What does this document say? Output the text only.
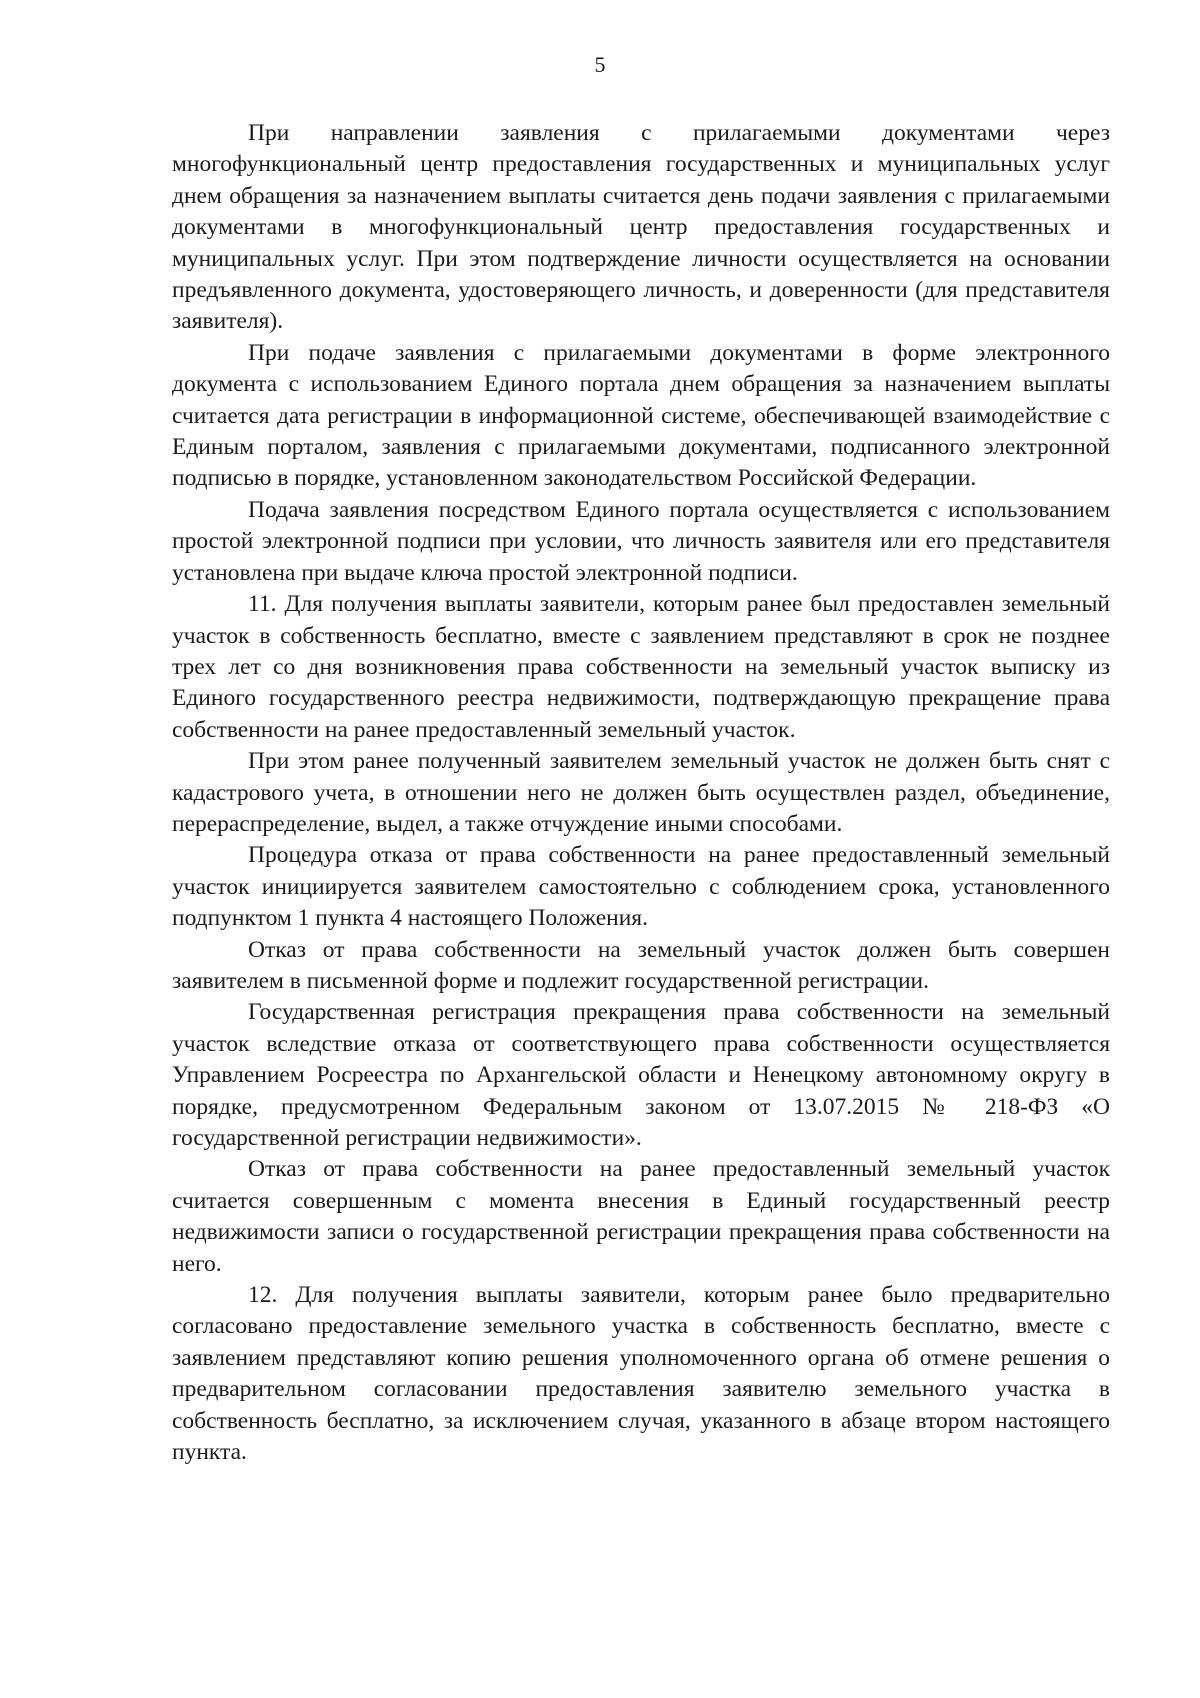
5

При направлении заявления с прилагаемыми документами через многофункциональный центр предоставления государственных и муниципальных услуг днем обращения за назначением выплаты считается день подачи заявления с прилагаемыми документами в многофункциональный центр предоставления государственных и муниципальных услуг. При этом подтверждение личности осуществляется на основании предъявленного документа, удостоверяющего личность, и доверенности (для представителя заявителя).

При подаче заявления с прилагаемыми документами в форме электронного документа с использованием Единого портала днем обращения за назначением выплаты считается дата регистрации в информационной системе, обеспечивающей взаимодействие с Единым порталом, заявления с прилагаемыми документами, подписанного электронной подписью в порядке, установленном законодательством Российской Федерации.

Подача заявления посредством Единого портала осуществляется с использованием простой электронной подписи при условии, что личность заявителя или его представителя установлена при выдаче ключа простой электронной подписи.

11. Для получения выплаты заявители, которым ранее был предоставлен земельный участок в собственность бесплатно, вместе с заявлением представляют в срок не позднее трех лет со дня возникновения права собственности на земельный участок выписку из Единого государственного реестра недвижимости, подтверждающую прекращение права собственности на ранее предоставленный земельный участок.

При этом ранее полученный заявителем земельный участок не должен быть снят с кадастрового учета, в отношении него не должен быть осуществлен раздел, объединение, перераспределение, выдел, а также отчуждение иными способами.

Процедура отказа от права собственности на ранее предоставленный земельный участок инициируется заявителем самостоятельно с соблюдением срока, установленного подпунктом 1 пункта 4 настоящего Положения.

Отказ от права собственности на земельный участок должен быть совершен заявителем в письменной форме и подлежит государственной регистрации.

Государственная регистрация прекращения права собственности на земельный участок вследствие отказа от соответствующего права собственности осуществляется Управлением Росреестра по Архангельской области и Ненецкому автономному округу в порядке, предусмотренном Федеральным законом от 13.07.2015 № 218-ФЗ «О государственной регистрации недвижимости».

Отказ от права собственности на ранее предоставленный земельный участок считается совершенным с момента внесения в Единый государственный реестр недвижимости записи о государственной регистрации прекращения права собственности на него.

12. Для получения выплаты заявители, которым ранее было предварительно согласовано предоставление земельного участка в собственность бесплатно, вместе с заявлением представляют копию решения уполномоченного органа об отмене решения о предварительном согласовании предоставления заявителю земельного участка в собственность бесплатно, за исключением случая, указанного в абзаце втором настоящего пункта.
